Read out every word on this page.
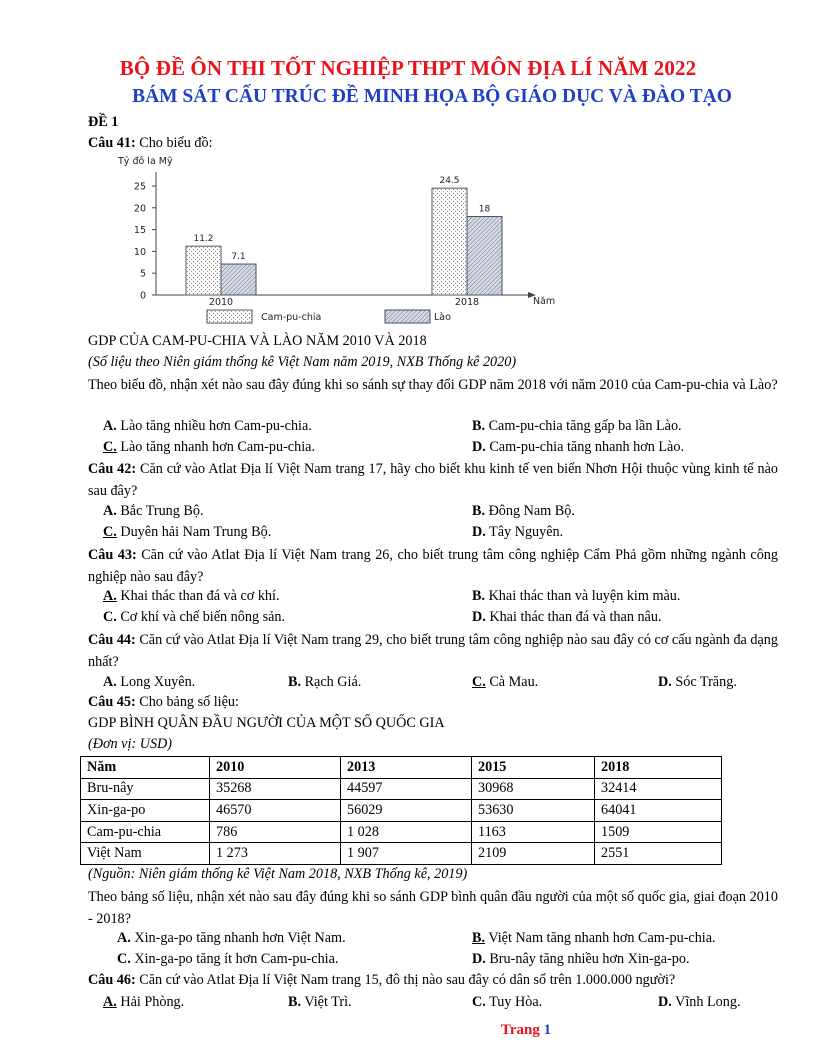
BỘ ĐỀ ÔN THI TỐT NGHIỆP THPT MÔN ĐỊA LÍ NĂM 2022
BÁM SÁT CẤU TRÚC ĐỀ MINH HỌA BỘ GIÁO DỤC VÀ ĐÀO TẠO
ĐỀ 1
Câu 41: Cho biểu đồ:
Tỷ đô la Mỹ
0
5
10
15
20
25
Năm
11.2
7.1
2010
24.5
18
2018
Cam-pu-chia	Lào
GDP CỦA CAM-PU-CHIA VÀ LÀO NĂM 2010 VÀ 2018
(Số liệu theo Niên giám thống kê Việt Nam năm 2019, NXB Thống kê 2020)
Theo biểu đồ, nhận xét nào sau đây đúng khi so sánh sự thay đổi GDP năm 2018 với năm 2010 của Cam-pu-chia và Lào?
A. Lào tăng nhiều hơn Cam-pu-chia.	B. Cam-pu-chia tăng gấp ba lần Lào.
C. Lào tăng nhanh hơn Cam-pu-chia.	D. Cam-pu-chia tăng nhanh hơn Lào.
Câu 42: Căn cứ vào Atlat Địa lí Việt Nam trang 17, hãy cho biết khu kinh tế ven biển Nhơn Hội thuộc vùng kinh tế nào sau đây?
A. Bắc Trung Bộ.	B. Đông Nam Bộ.
C. Duyên hải Nam Trung Bộ.	D. Tây Nguyên.
Câu 43: Căn cứ vào Atlat Địa lí Việt Nam trang 26, cho biết trung tâm công nghiệp Cẩm Phả gồm những ngành công nghiệp nào sau đây?
A. Khai thác than đá và cơ khí.	B. Khai thác than và luyện kim màu.
C. Cơ khí và chế biến nông sản.	D. Khai thác than đá và than nâu.
Câu 44: Căn cứ vào Atlat Địa lí Việt Nam trang 29, cho biết trung tâm công nghiệp nào sau đây có cơ cấu ngành đa dạng nhất?
A. Long Xuyên.	B. Rạch Giá.	C. Cà Mau.	D. Sóc Trăng.
Câu 45: Cho bảng số liệu:
GDP BÌNH QUÂN ĐẦU NGƯỜI CỦA MỘT SỐ QUỐC GIA
(Đơn vị: USD)
Năm	2010	2013	2015	2018
Bru-nây	35268	44597	30968	32414
Xin-ga-po	46570	56029	53630	64041
Cam-pu-chia	786	1 028	1163	1509
Việt Nam	1 273	1 907	2109	2551
(Nguồn: Niên giám thống kê Việt Nam 2018, NXB Thống kê, 2019)
Theo bảng số liệu, nhận xét nào sau đây đúng khi so sánh GDP bình quân đầu người của một số quốc gia, giai đoạn 2010 - 2018?
A. Xin-ga-po tăng nhanh hơn Việt Nam.	B. Việt Nam tăng nhanh hơn Cam-pu-chia.
C. Xin-ga-po tăng ít hơn Cam-pu-chia.	D. Bru-nây tăng nhiều hơn Xin-ga-po.
Câu 46: Căn cứ vào Atlat Địa lí Việt Nam trang 15, đô thị nào sau đây có dân số trên 1.000.000 người?
A. Hải Phòng.	B. Việt Trì.	C. Tuy Hòa.	D. Vĩnh Long.
Trang 1
